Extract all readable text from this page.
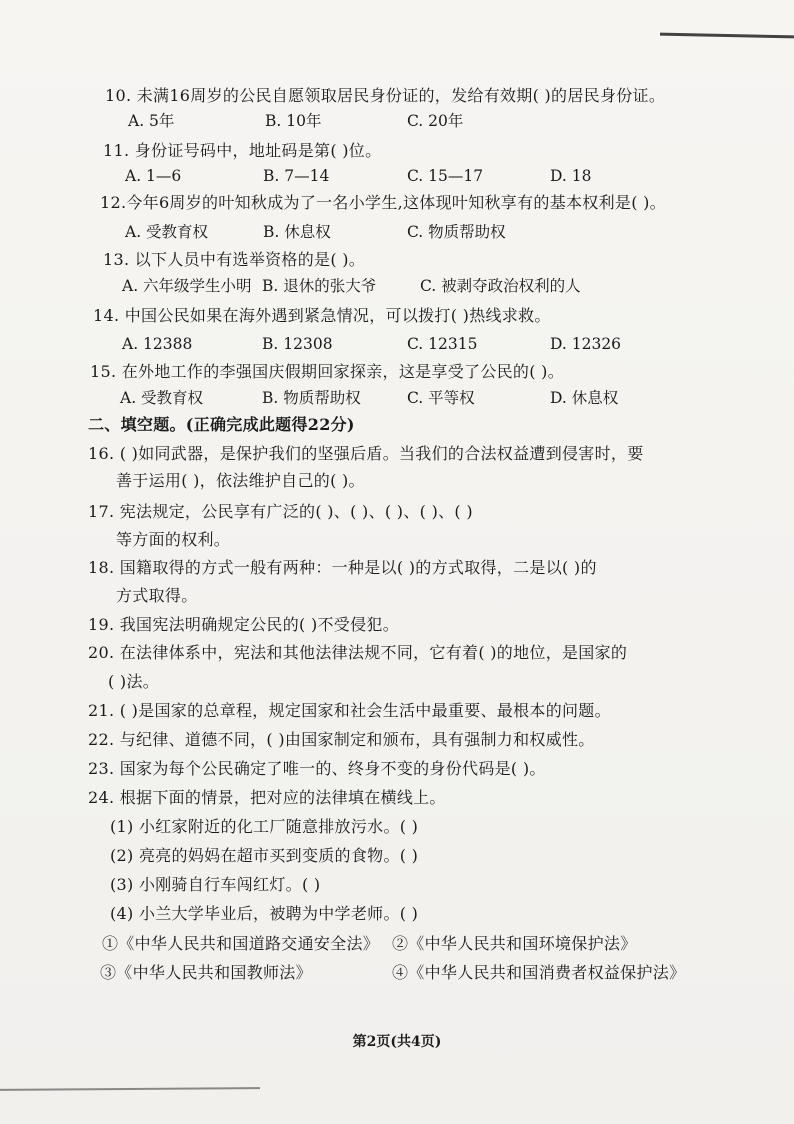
10. 未满16周岁的公民自愿领取居民身份证的，发给有效期( )的居民身份证。
A. 5年	B. 10年	C. 20年
11. 身份证号码中，地址码是第( )位。
A. 1—6	B. 7—14	C. 15—17	D. 18
12.今年6周岁的叶知秋成为了一名小学生,这体现叶知秋享有的基本权利是( )。
A. 受教育权	B. 休息权	C. 物质帮助权
13. 以下人员中有选举资格的是( )。
A. 六年级学生小明 B. 退休的张大爷	C. 被剥夺政治权利的人
14. 中国公民如果在海外遇到紧急情况，可以拨打( )热线求救。
A. 12388	B. 12308	C. 12315	D. 12326
15. 在外地工作的李强国庆假期回家探亲，这是享受了公民的( )。
A. 受教育权	B. 物质帮助权	C. 平等权	D. 休息权
二、填空题。(正确完成此题得22分)
16. ( )如同武器，是保护我们的坚强后盾。当我们的合法权益遭到侵害时，要
善于运用( )，依法维护自己的( )。
17. 宪法规定，公民享有广泛的( )、( )、( )、( )、( )
等方面的权利。
18. 国籍取得的方式一般有两种：一种是以( )的方式取得，二是以( )的
方式取得。
19. 我国宪法明确规定公民的( )不受侵犯。
20. 在法律体系中，宪法和其他法律法规不同，它有着( )的地位，是国家的
( )法。
21. ( )是国家的总章程，规定国家和社会生活中最重要、最根本的问题。
22. 与纪律、道德不同，( )由国家制定和颁布，具有强制力和权威性。
23. 国家为每个公民确定了唯一的、终身不变的身份代码是( )。
24. 根据下面的情景，把对应的法律填在横线上。
(1) 小红家附近的化工厂随意排放污水。( )
(2) 亮亮的妈妈在超市买到变质的食物。( )
(3) 小刚骑自行车闯红灯。( )
(4) 小兰大学毕业后，被聘为中学老师。( )
①《中华人民共和国道路交通安全法》 ②《中华人民共和国环境保护法》
③《中华人民共和国教师法》	④《中华人民共和国消费者权益保护法》
第2页(共4页)
